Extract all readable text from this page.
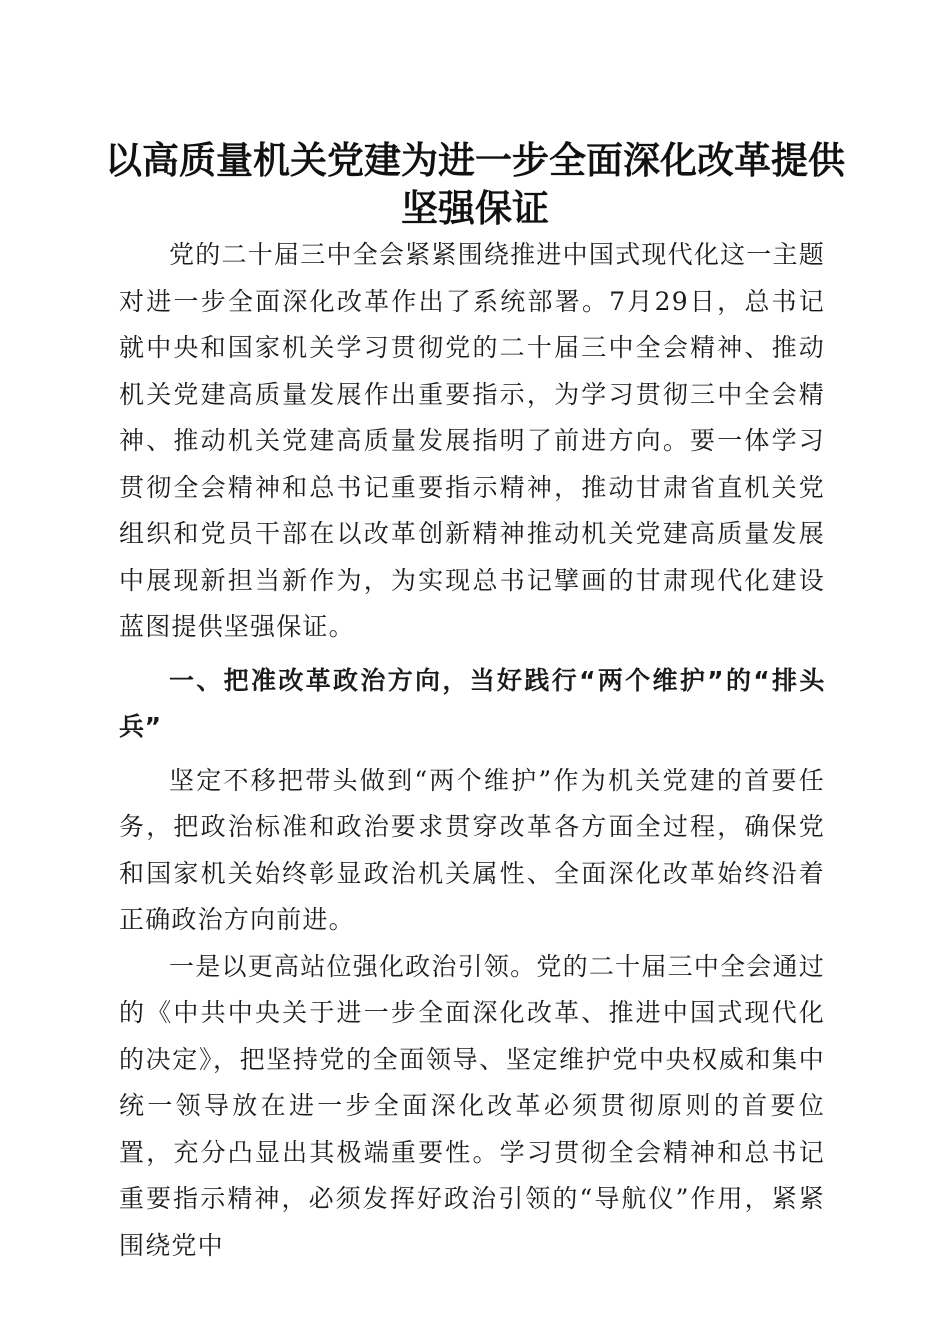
以高质量机关党建为进一步全面深化改革提供坚强保证

党的二十届三中全会紧紧围绕推进中国式现代化这一主题对进一步全面深化改革作出了系统部署。7月29日，总书记就中央和国家机关学习贯彻党的二十届三中全会精神、推动机关党建高质量发展作出重要指示，为学习贯彻三中全会精神、推动机关党建高质量发展指明了前进方向。要一体学习贯彻全会精神和总书记重要指示精神，推动甘肃省直机关党组织和党员干部在以改革创新精神推动机关党建高质量发展中展现新担当新作为，为实现总书记擘画的甘肃现代化建设蓝图提供坚强保证。

一、把准改革政治方向，当好践行“两个维护”的“排头兵”

坚定不移把带头做到“两个维护”作为机关党建的首要任务，把政治标准和政治要求贯穿改革各方面全过程，确保党和国家机关始终彰显政治机关属性、全面深化改革始终沿着正确政治方向前进。

一是以更高站位强化政治引领。党的二十届三中全会通过的《中共中央关于进一步全面深化改革、推进中国式现代化的决定》，把坚持党的全面领导、坚定维护党中央权威和集中统一领导放在进一步全面深化改革必须贯彻原则的首要位置，充分凸显出其极端重要性。学习贯彻全会精神和总书记重要指示精神，必须发挥好政治引领的“导航仪”作用，紧紧围绕党中
